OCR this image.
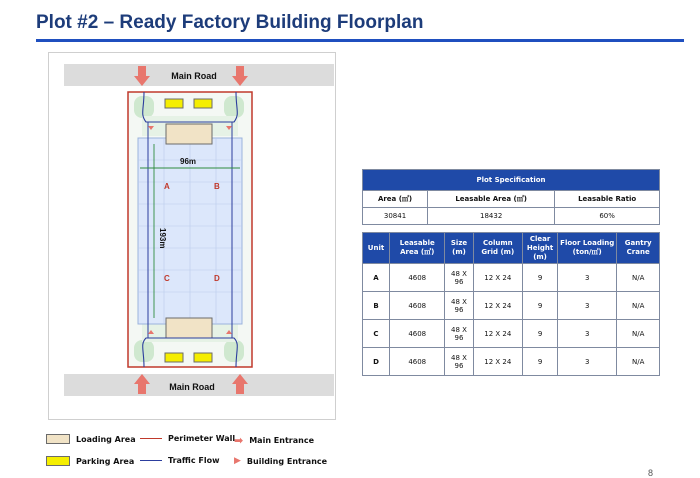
Plot #2 – Ready Factory Building Floorplan
Main Road
Main Road
96m
193m
A	B
C	D
Plot Specification		
Area (㎡)	Leasable Area (㎡)	Leasable Ratio
30841	18432	60%
Unit	Leasable Area (㎡)	Size (m)	Column Grid (m)	Clear Height (m)	Floor Loading (ton/㎡)	Gantry Crane
A	4608	48 X 96	12 X 24	9	3	N/A
B	4608	48 X 96	12 X 24	9	3	N/A
C	4608	48 X 96	12 X 24	9	3	N/A
D	4608	48 X 96	12 X 24	9	3	N/A
Loading Area	Perimeter Wall
➡ Main Entrance
Parking Area	Traffic Flow ▶ Building Entrance
8
